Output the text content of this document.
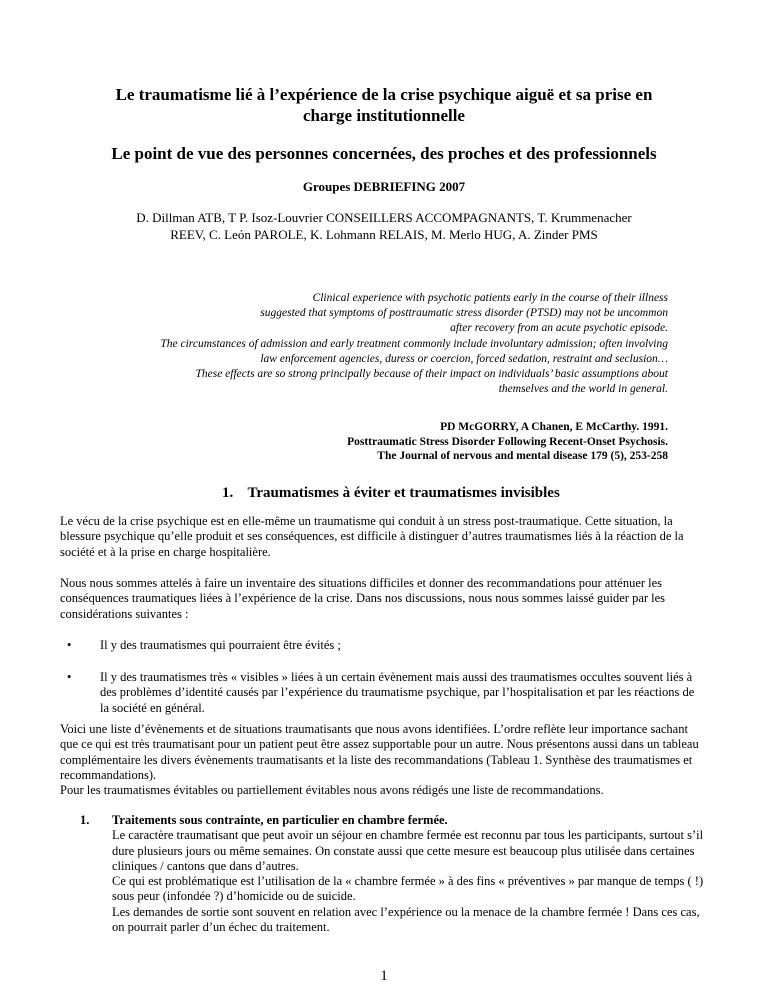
Le traumatisme lié à l’expérience de la crise psychique aiguë et sa prise en charge institutionnelle
Le point de vue des personnes concernées, des proches et des professionnels
Groupes DEBRIEFING 2007
D. Dillman ATB, T P. Isoz-Louvrier CONSEILLERS ACCOMPAGNANTS, T. Krummenacher
REEV, C. Leόn PAROLE, K. Lohmann RELAIS, M. Merlo HUG, A. Zinder PMS
Clinical experience with psychotic patients early in the course of their illness
suggested that symptoms of posttraumatic stress disorder (PTSD) may not be uncommon
after recovery from an acute psychotic episode.
The circumstances of admission and early treatment commonly include involuntary admission; often involving
law enforcement agencies, duress or coercion, forced sedation, restraint and seclusion…
These effects are so strong principally because of their impact on individuals’ basic assumptions about
themselves and the world in general.
PD McGORRY, A Chanen, E McCarthy. 1991.
Posttraumatic Stress Disorder Following Recent-Onset Psychosis.
The Journal of nervous and mental disease 179 (5), 253-258
1. Traumatismes à éviter et traumatismes invisibles
Le vécu de la crise psychique est en elle-même un traumatisme qui conduit à un stress post-traumatique. Cette situation, la blessure psychique qu’elle produit et ses conséquences, est difficile à distinguer d’autres traumatismes liés à la réaction de la société et à la prise en charge hospitalière.
Nous nous sommes attelés à faire un inventaire des situations difficiles et donner des recommandations pour atténuer les conséquences traumatiques liées à l’expérience de la crise. Dans nos discussions, nous nous sommes laissé guider par les considérations suivantes :
• Il y des traumatismes qui pourraient être évités ;
• Il y des traumatismes très « visibles » liées à un certain évènement mais aussi des traumatismes occultes souvent liés à des problèmes d’identité causés par l’expérience du traumatisme psychique, par l’hospitalisation et par les réactions de la société en général.
Voici une liste d’évènements et de situations traumatisants que nous avons identifiées. L’ordre reflète leur importance sachant que ce qui est très traumatisant pour un patient peut être assez supportable pour un autre. Nous présentons aussi dans un tableau complémentaire les divers évènements traumatisants et la liste des recommandations (Tableau 1. Synthèse des traumatismes et recommandations).
Pour les traumatismes évitables ou partiellement évitables nous avons rédigés une liste de recommandations.
1. Traitements sous contrainte, en particulier en chambre fermée.
Le caractère traumatisant que peut avoir un séjour en chambre fermée est reconnu par tous les participants, surtout s’il dure plusieurs jours ou même semaines. On constate aussi que cette mesure est beaucoup plus utilisée dans certaines cliniques / cantons que dans d’autres.
Ce qui est problématique est l’utilisation de la « chambre fermée » à des fins « préventives » par manque de temps ( !) sous peur (infondée ?) d’homicide ou de suicide.
Les demandes de sortie sont souvent en relation avec l’expérience ou la menace de la chambre fermée ! Dans ces cas, on pourrait parler d’un échec du traitement.
1
